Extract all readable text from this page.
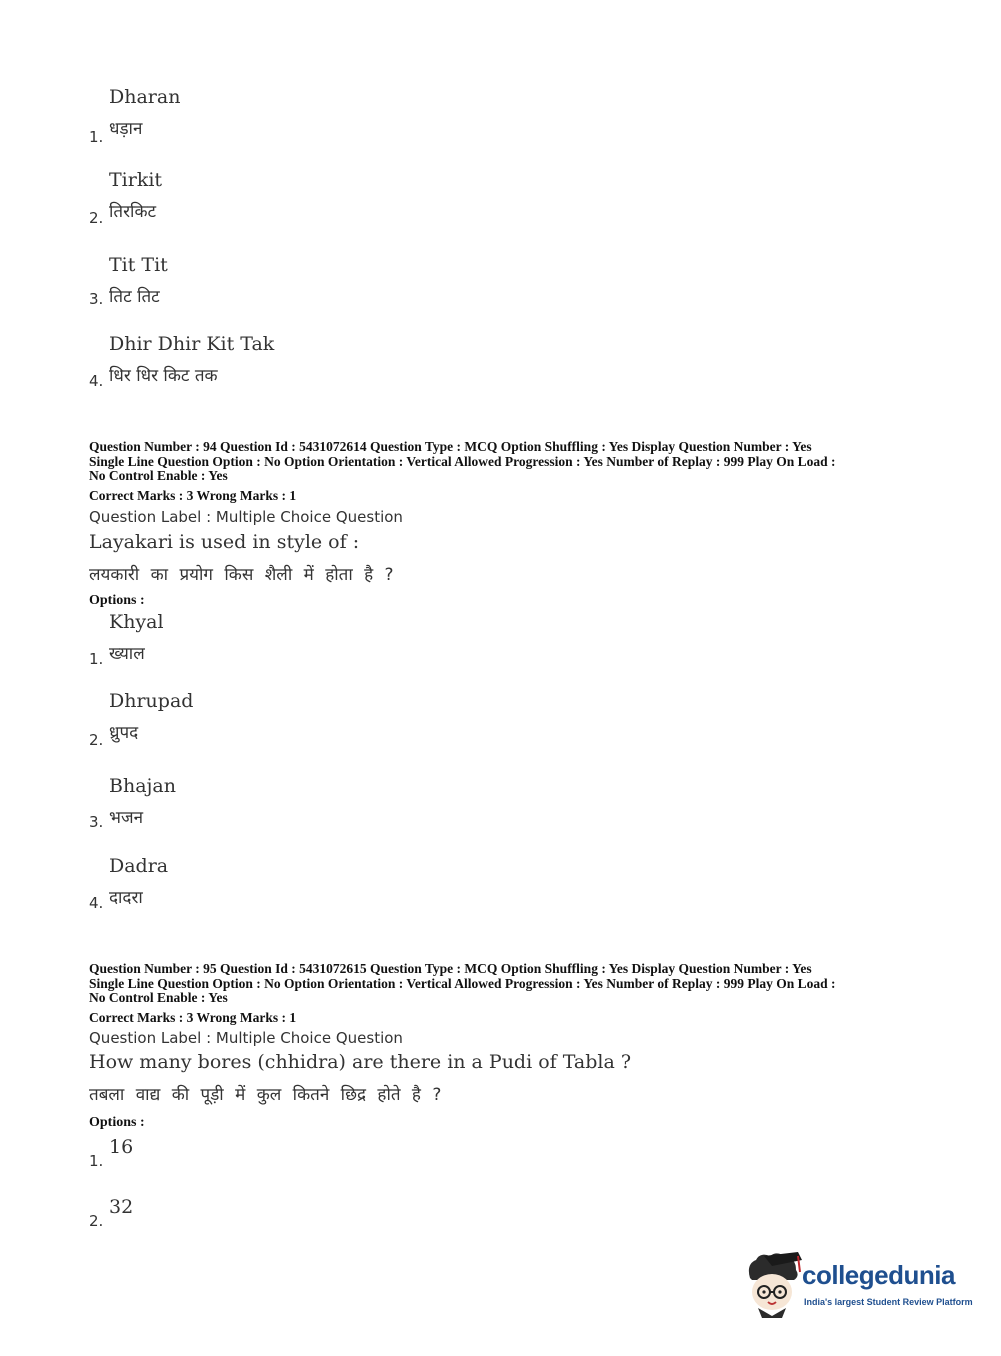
Dharan
धड़ान
1.
Tirkit
तिरकिट
2.
Tit Tit
तिट तिट
3.
Dhir Dhir Kit Tak
धिर धिर किट तक
4.
Question Number : 94 Question Id : 5431072614 Question Type : MCQ Option Shuffling : Yes Display Question Number : Yes
Single Line Question Option : No Option Orientation : Vertical Allowed Progression : Yes Number of Replay : 999 Play On Load :
No Control Enable : Yes
Correct Marks : 3 Wrong Marks : 1
Question Label : Multiple Choice Question
Layakari is used in style of :
लयकारी का प्रयोग किस शैली में होता है ?
Options :
Khyal
ख्याल
1.
Dhrupad
ध्रुपद
2.
Bhajan
भजन
3.
Dadra
दादरा
4.
Question Number : 95 Question Id : 5431072615 Question Type : MCQ Option Shuffling : Yes Display Question Number : Yes
Single Line Question Option : No Option Orientation : Vertical Allowed Progression : Yes Number of Replay : 999 Play On Load :
No Control Enable : Yes
Correct Marks : 3 Wrong Marks : 1
Question Label : Multiple Choice Question
How many bores (chhidra) are there in a Pudi of Tabla ?
तबला वाद्य की पूड़ी में कुल कितने छिद्र होते है ?
Options :
16
1.
32
2.
collegedunia
India's largest Student Review Platform
